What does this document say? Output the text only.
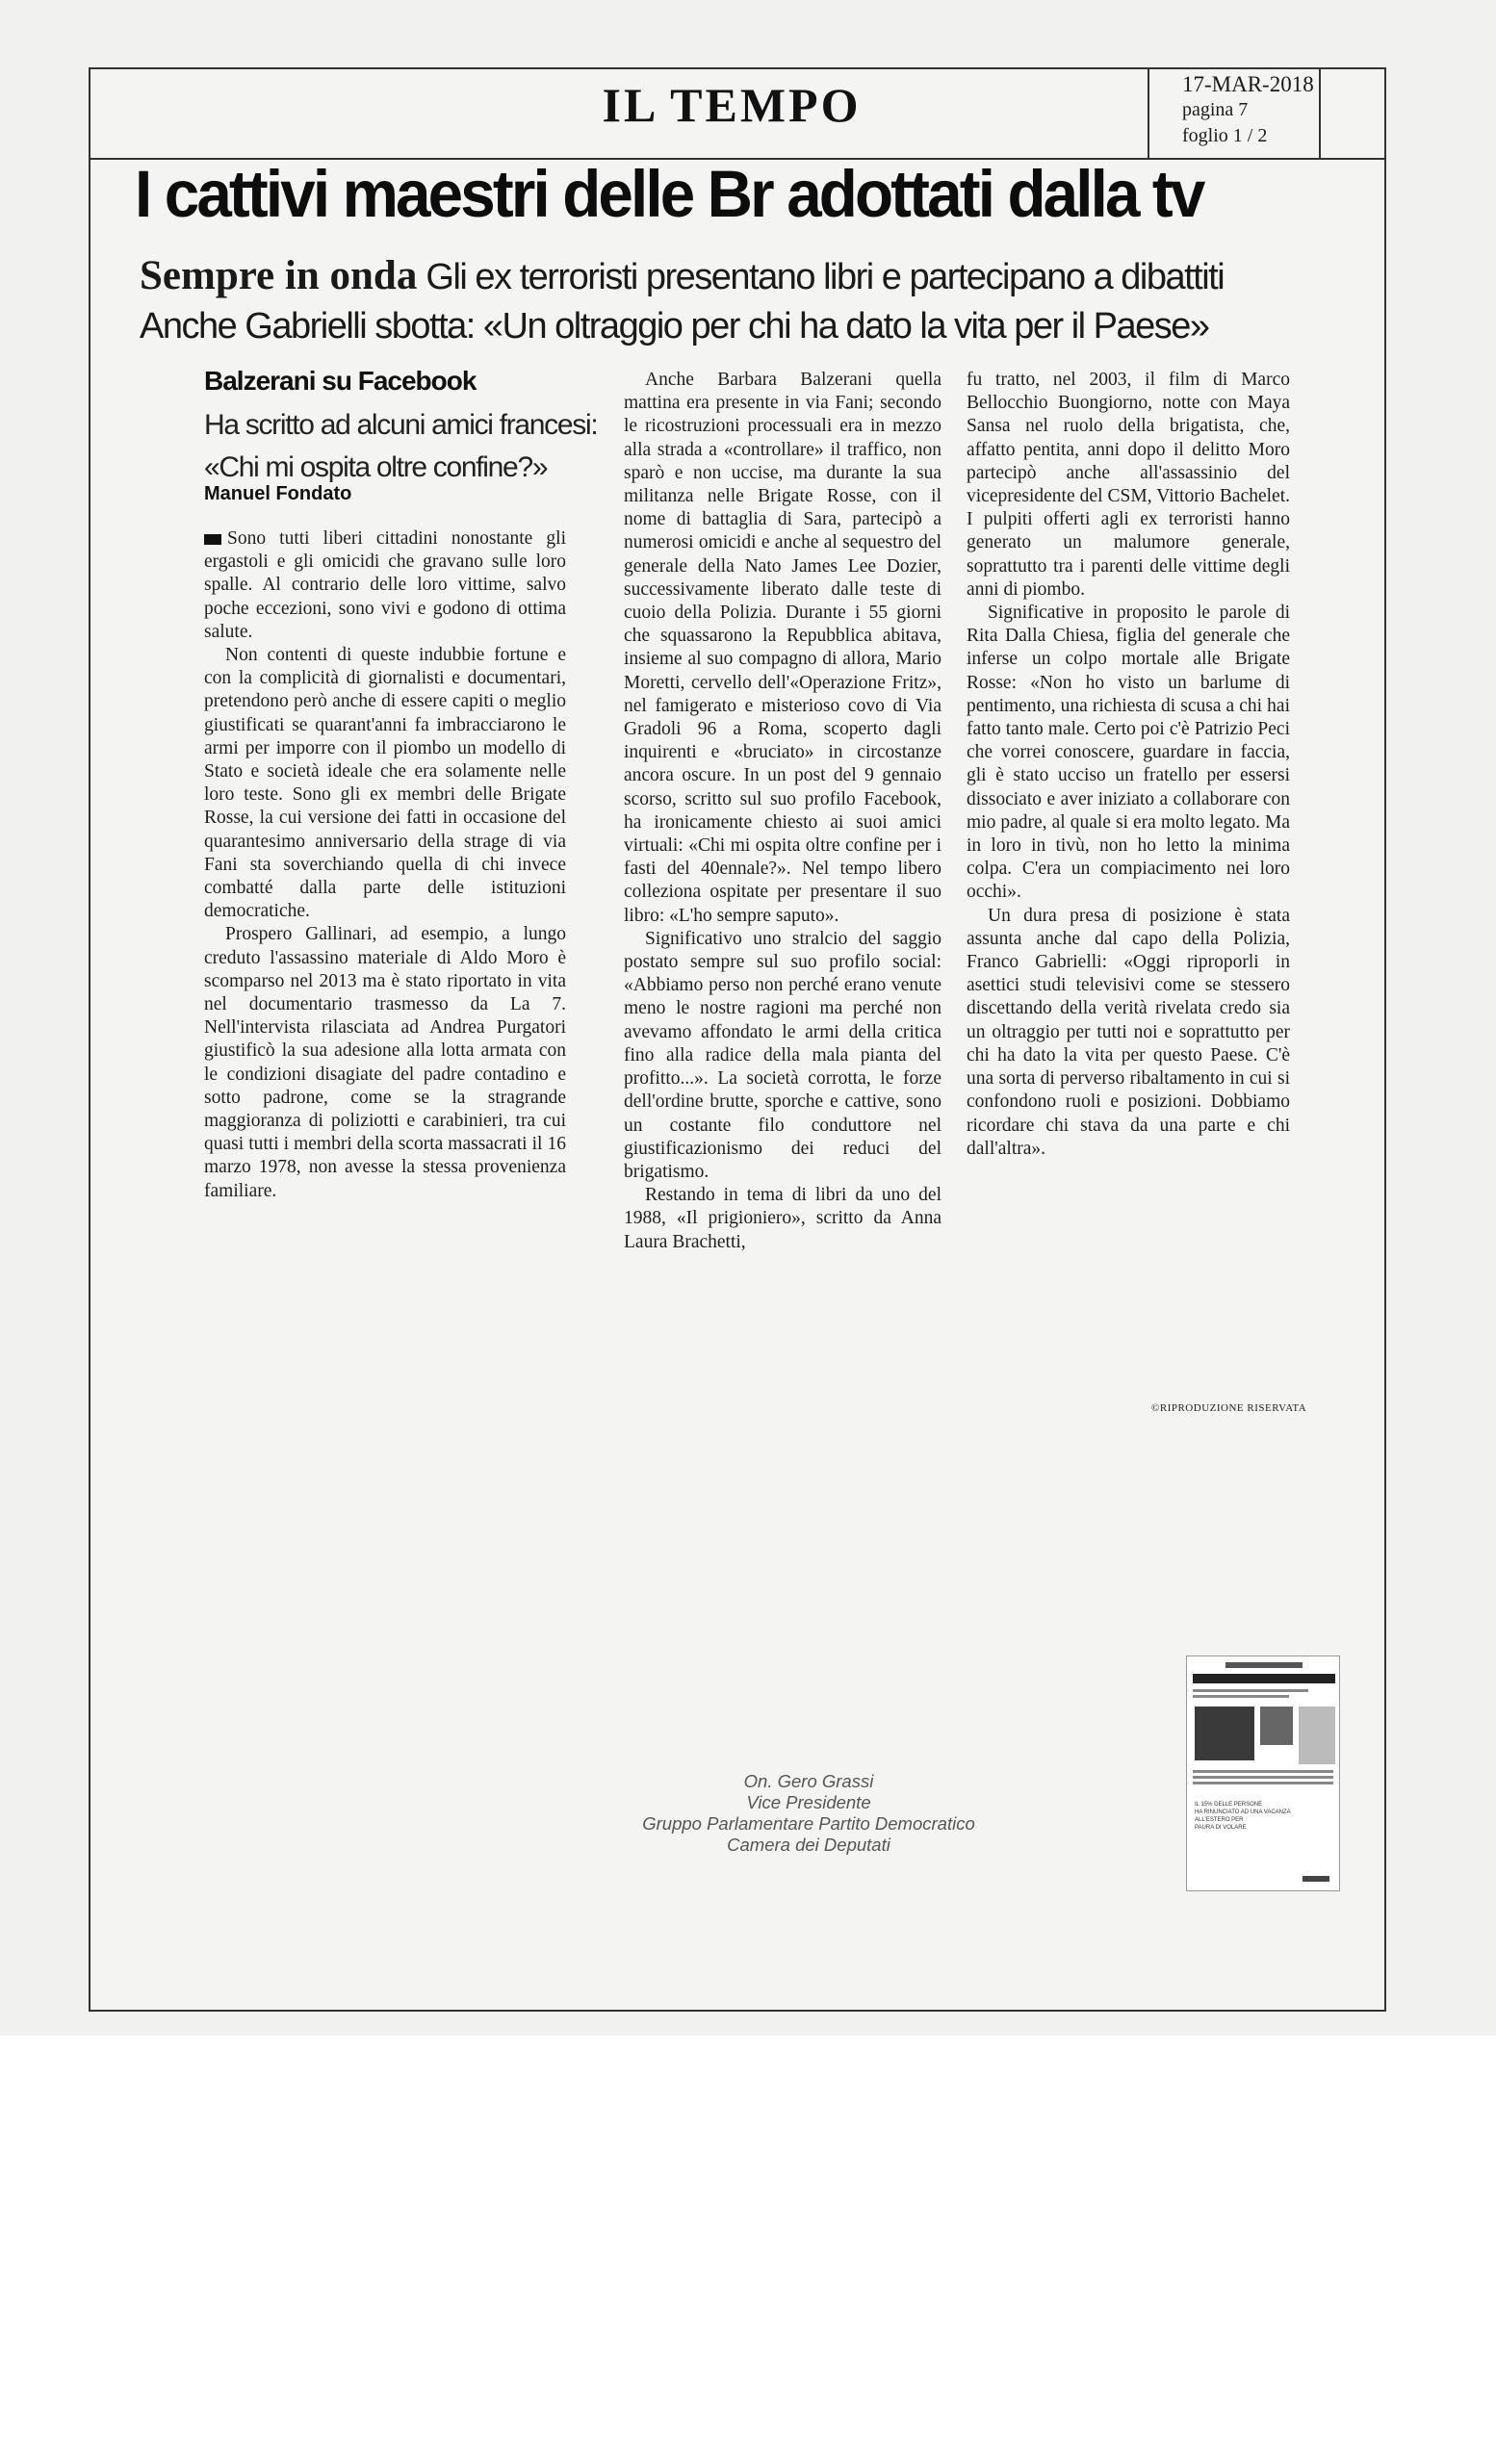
IL TEMPO	17-MAR-2018
pagina 7
foglio 1 / 2
I cattivi maestri delle Br adottati dalla tv
Sempre in onda Gli ex terroristi presentano libri e partecipano a dibattiti
Anche Gabrielli sbotta: «Un oltraggio per chi ha dato la vita per il Paese»
Balzerani su Facebook
Ha scritto ad alcuni amici francesi: «Chi mi ospita oltre confine?»
Manuel Fondato

Sono tutti liberi cittadini nonostante gli ergastoli e gli omicidi che gravano sulle loro spalle. Al contrario delle loro vittime, salvo poche eccezioni, sono vivi e godono di ottima salute.

Non contenti di queste indubbie fortune e con la complicità di giornalisti e documentari, pretendono però anche di essere capiti o meglio giustificati se quarant'anni fa imbracciarono le armi per imporre con il piombo un modello di Stato e società ideale che era solamente nelle loro teste. Sono gli ex membri delle Brigate Rosse, la cui versione dei fatti in occasione del quarantesimo anniversario della strage di via Fani sta soverchiando quella di chi invece combatté dalla parte delle istituzioni democratiche.

Prospero Gallinari, ad esempio, a lungo creduto l'assassino materiale di Aldo Moro è scomparso nel 2013 ma è stato riportato in vita nel documentario trasmesso da La 7. Nell'intervista rilasciata ad Andrea Purgatori giustificò la sua adesione alla lotta armata con le condizioni disagiate del padre contadino e sotto padrone, come se la stragrande maggioranza di poliziotti e carabinieri, tra cui quasi tutti i membri della scorta massacrati il 16 marzo 1978, non avesse la stessa provenienza familiare.

Anche Barbara Balzerani quella mattina era presente in via Fani; secondo le ricostruzioni processuali era in mezzo alla strada a «controllare» il traffico, non sparò e non uccise, ma durante la sua militanza nelle Brigate Rosse, con il nome di battaglia di Sara, partecipò a numerosi omicidi e anche al sequestro del generale della Nato James Lee Dozier, successivamente liberato dalle teste di cuoio della Polizia. Durante i 55 giorni che squassarono la Repubblica abitava, insieme al suo compagno di allora, Mario Moretti, cervello dell'«Operazione Fritz», nel famigerato e misterioso covo di Via Gradoli 96 a Roma, scoperto dagli inquirenti e «bruciato» in circostanze ancora oscure. In un post del 9 gennaio scorso, scritto sul suo profilo Facebook, ha ironicamente chiesto ai suoi amici virtuali: «Chi mi ospita oltre confine per i fasti del 40ennale?». Nel tempo libero colleziona ospitate per presentare il suo libro: «L'ho sempre saputo».

Significativo uno stralcio del saggio postato sempre sul suo profilo social: «Abbiamo perso non perché erano venute meno le nostre ragioni ma perché non avevamo affondato le armi della critica fino alla radice della mala pianta del profitto...». La società corrotta, le forze dell'ordine brutte, sporche e cattive, sono un costante filo conduttore nel giustificazionismo dei reduci del brigatismo.

Restando in tema di libri da uno del 1988, «Il prigioniero», scritto da Anna Laura Brachetti,

fu tratto, nel 2003, il film di Marco Bellocchio Buongiorno, notte con Maya Sansa nel ruolo della brigatista, che, affatto pentita, anni dopo il delitto Moro partecipò anche all'assassinio del vicepresidente del CSM, Vittorio Bachelet. I pulpiti offerti agli ex terroristi hanno generato un malumore generale, soprattutto tra i parenti delle vittime degli anni di piombo.

Significative in proposito le parole di Rita Dalla Chiesa, figlia del generale che inferse un colpo mortale alle Brigate Rosse: «Non ho visto un barlume di pentimento, una richiesta di scusa a chi hai fatto tanto male. Certo poi c'è Patrizio Peci che vorrei conoscere, guardare in faccia, gli è stato ucciso un fratello per essersi dissociato e aver iniziato a collaborare con mio padre, al quale si era molto legato. Ma in loro in tivù, non ho letto la minima colpa. C'era un compiacimento nei loro occhi».

Un dura presa di posizione è stata assunta anche dal capo della Polizia, Franco Gabrielli: «Oggi riproporli in asettici studi televisivi come se stessero discettando della verità rivelata credo sia un oltraggio per tutti noi e soprattutto per chi ha dato la vita per questo Paese. C'è una sorta di perverso ribaltamento in cui si confondono ruoli e posizioni. Dobbiamo ricordare chi stava da una parte e chi dall'altra».

©RIPRODUZIONE RISERVATA
On. Gero Grassi
Vice Presidente
Gruppo Parlamentare Partito Democratico
Camera dei Deputati
IL 15% DELLE PERSONE
HA RINUNCIATO AD UNA VACANZA
ALL'ESTERO PER
PAURA DI VOLARE
